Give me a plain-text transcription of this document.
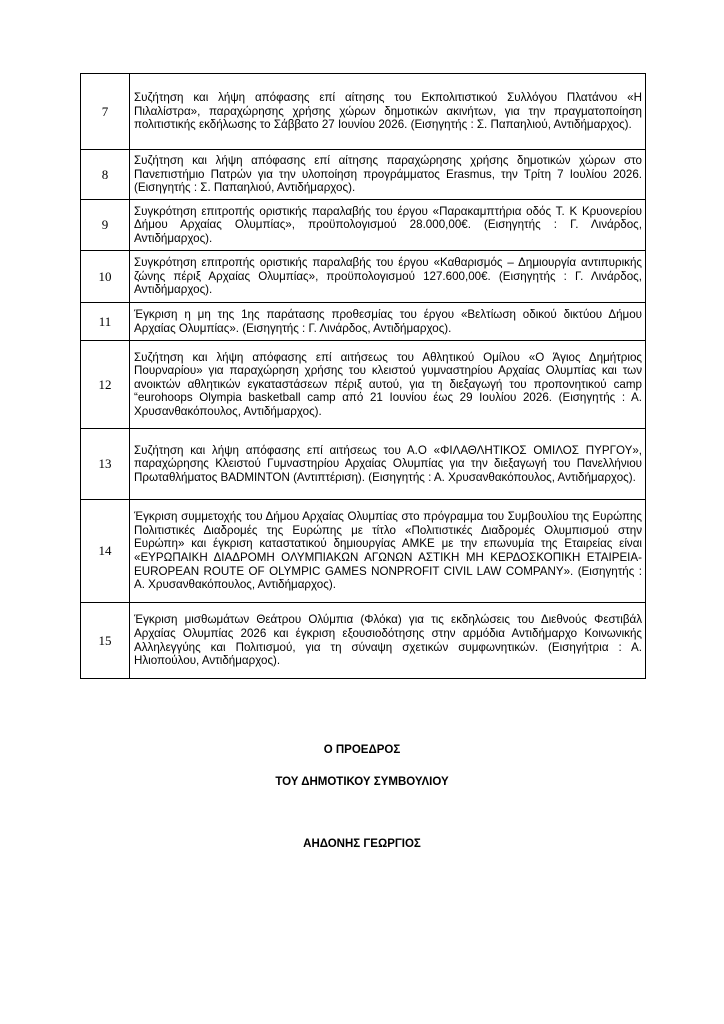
7	Συζήτηση και λήψη απόφασης επί αίτησης του Εκπολιτιστικού Συλλόγου Πλατάνου «Η Πιλαλίστρα», παραχώρησης χρήσης χώρων δημοτικών ακινήτων, για την πραγματοποίηση πολιτιστικής εκδήλωσης το Σάββατο 27 Ιουνίου 2026. (Εισηγητής : Σ. Παπαηλιού, Αντιδήμαρχος).
8	Συζήτηση και λήψη απόφασης επί αίτησης παραχώρησης χρήσης δημοτικών χώρων στο Πανεπιστήμιο Πατρών για την υλοποίηση προγράμματος Erasmus, την Τρίτη 7 Ιουλίου 2026. (Εισηγητής : Σ. Παπαηλιού, Αντιδήμαρχος).
9	Συγκρότηση επιτροπής οριστικής παραλαβής του έργου «Παρακαμπτήρια οδός Τ. Κ Κρυονερίου Δήμου Αρχαίας Ολυμπίας», προϋπολογισμού 28.000,00€. (Εισηγητής : Γ. Λινάρδος, Αντιδήμαρχος).
10	Συγκρότηση επιτροπής οριστικής παραλαβής του έργου «Καθαρισμός – Δημιουργία αντιπυρικής ζώνης πέριξ Αρχαίας Ολυμπίας», προϋπολογισμού 127.600,00€. (Εισηγητής : Γ. Λινάρδος, Αντιδήμαρχος).
11	Έγκριση η μη της 1ης παράτασης προθεσμίας του έργου «Βελτίωση οδικού δικτύου Δήμου Αρχαίας Ολυμπίας». (Εισηγητής : Γ. Λινάρδος, Αντιδήμαρχος).
12	Συζήτηση και λήψη απόφασης επί αιτήσεως του Αθλητικού Ομίλου «Ο Άγιος Δημήτριος Πουρναρίου» για παραχώρηση χρήσης του κλειστού γυμναστηρίου Αρχαίας Ολυμπίας και των ανοικτών αθλητικών εγκαταστάσεων πέριξ αυτού, για τη διεξαγωγή του προπονητικού camp “eurohoops Olympia basketball camp από 21 Ιουνίου έως 29 Ιουλίου 2026. (Εισηγητής : Α. Χρυσανθακόπουλος, Αντιδήμαρχος).
13	Συζήτηση και λήψη απόφασης επί αιτήσεως του Α.Ο «ΦΙΛΑΘΛΗΤΙΚΟΣ ΟΜΙΛΟΣ ΠΥΡΓΟΥ», παραχώρησης Κλειστού Γυμναστηρίου Αρχαίας Ολυμπίας για την διεξαγωγή του Πανελλήνιου Πρωταθλήματος BADMINTON (Αντιπτέριση). (Εισηγητής : Α. Χρυσανθακόπουλος, Αντιδήμαρχος).
14	Έγκριση συμμετοχής του Δήμου Αρχαίας Ολυμπίας στο πρόγραμμα του Συμβουλίου της Ευρώπης Πολιτιστικές Διαδρομές της Ευρώπης με τίτλο «Πολιτιστικές Διαδρομές Ολυμπισμού στην Ευρώπη» και έγκριση καταστατικού δημιουργίας ΑΜΚΕ με την επωνυμία της Εταιρείας είναι «ΕΥΡΩΠΑΙΚΗ ΔΙΑΔΡΟΜΗ ΟΛΥΜΠΙΑΚΩΝ ΑΓΩΝΩΝ ΑΣΤΙΚΗ ΜΗ ΚΕΡΔΟΣΚΟΠΙΚΗ ΕΤΑΙΡΕΙΑ-EUROPEAN ROUTE OF OLYMPIC GAMES NONPROFIT CIVIL LAW COMPANY». (Εισηγητής : Α. Χρυσανθακόπουλος, Αντιδήμαρχος).
15	Έγκριση μισθωμάτων Θεάτρου Ολύμπια (Φλόκα) για τις εκδηλώσεις του Διεθνούς Φεστιβάλ Αρχαίας Ολυμπίας 2026 και έγκριση εξουσιοδότησης στην αρμόδια Αντιδήμαρχο Κοινωνικής Αλληλεγγύης και Πολιτισμού, για τη σύναψη σχετικών συμφωνητικών. (Εισηγήτρια : Α. Ηλιοπούλου, Αντιδήμαρχος).
Ο ΠΡΟΕΔΡΟΣ
ΤΟΥ ΔΗΜΟΤΙΚΟΥ ΣΥΜΒΟΥΛΙΟΥ
ΑΗΔΟΝΗΣ ΓΕΩΡΓΙΟΣ
